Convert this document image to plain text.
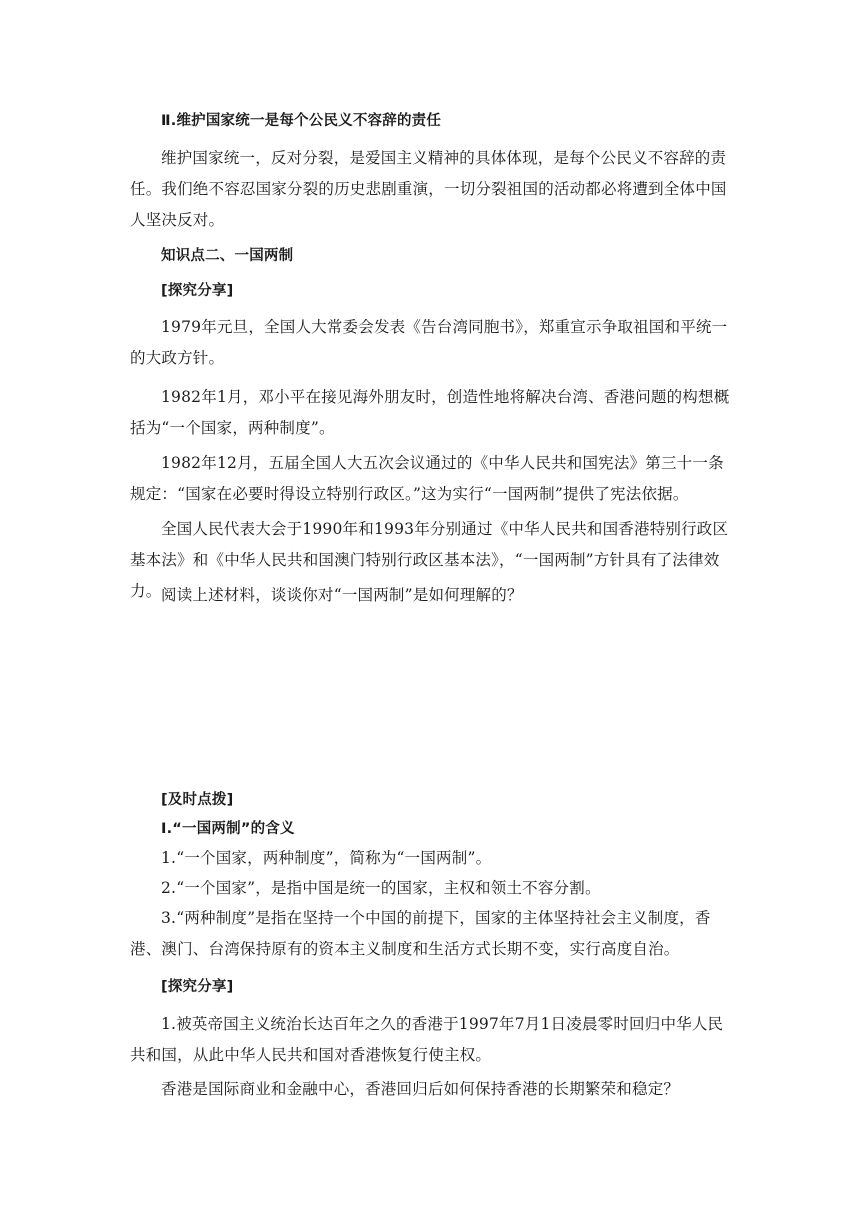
Ⅱ.维护国家统一是每个公民义不容辞的责任

维护国家统一，反对分裂，是爱国主义精神的具体体现，是每个公民义不容辞的责任。我们绝不容忍国家分裂的历史悲剧重演，一切分裂祖国的活动都必将遭到全体中国人坚决反对。

知识点二、一国两制

[探究分享]

1979年元旦，全国人大常委会发表《告台湾同胞书》，郑重宣示争取祖国和平统一的大政方针。

1982年1月，邓小平在接见海外朋友时，创造性地将解决台湾、香港问题的构想概括为“一个国家，两种制度”。

1982年12月，五届全国人大五次会议通过的《中华人民共和国宪法》第三十一条规定：“国家在必要时得设立特别行政区。”这为实行“一国两制”提供了宪法依据。

全国人民代表大会于1990年和1993年分别通过《中华人民共和国香港特别行政区基本法》和《中华人民共和国澳门特别行政区基本法》，“一国两制”方针具有了法律效力。 阅读上述材料，谈谈你对“一国两制”是如何理解的？

[及时点拨]

Ⅰ.“一国两制”的含义

1.“一个国家，两种制度”，简称为“一国两制”。

2.“一个国家”，是指中国是统一的国家，主权和领土不容分割。

3.“两种制度”是指在坚持一个中国的前提下，国家的主体坚持社会主义制度，香港、澳门、台湾保持原有的资本主义制度和生活方式长期不变，实行高度自治。

[探究分享]

1.被英帝国主义统治长达百年之久的香港于1997年7月1日凌晨零时回归中华人民共和国，从此中华人民共和国对香港恢复行使主权。

香港是国际商业和金融中心，香港回归后如何保持香港的长期繁荣和稳定？
